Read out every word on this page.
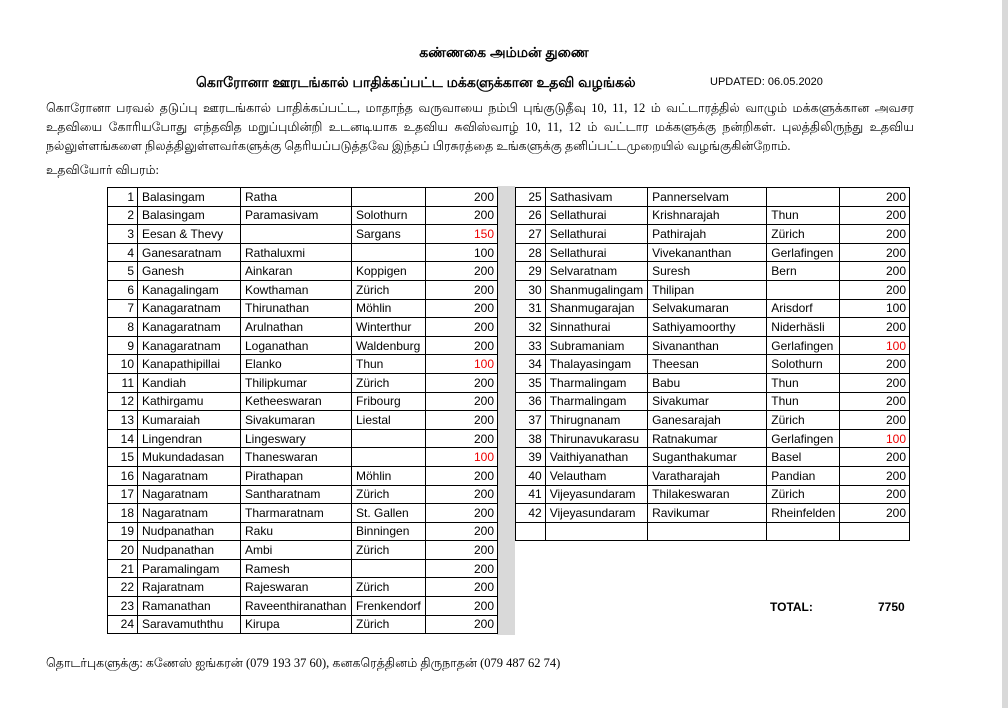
கண்ணகை அம்மன் துணை
கொரோனா ஊரடங்கால் பாதிக்கப்பட்ட மக்களுக்கான உதவி வழங்கல்	UPDATED: 06.05.2020
கொரோனா பரவல் தடுப்பு ஊரடங்கால் பாதிக்கப்பட்ட, மாதாந்த வருவாயை நம்பி புங்குடுதீவு 10, 11, 12 ம் வட்டாரத்தில் வாழும் மக்களுக்கான அவசர உதவியை கோரியபோது எந்தவித மறுப்புமின்றி உடனடியாக உதவிய சுவிஸ்வாழ் 10, 11, 12 ம் வட்டார மக்களுக்கு நன்றிகள். புலத்திலிருந்து உதவிய நல்லுள்ளங்களை நிலத்திலுள்ளவர்களுக்கு தெரியப்படுத்தவே இந்தப் பிரசுரத்தை உங்களுக்கு தனிப்பட்டமுறையில் வழங்குகின்றோம்.
உதவியோர் விபரம்:
1	Balasingam	Ratha		200
2	Balasingam	Paramasivam	Solothurn	200
3	Eesan & Thevy		Sargans	150
4	Ganesaratnam	Rathaluxmi		100
5	Ganesh	Ainkaran	Koppigen	200
6	Kanagalingam	Kowthaman	Zürich	200
7	Kanagaratnam	Thirunathan	Möhlin	200
8	Kanagaratnam	Arulnathan	Winterthur	200
9	Kanagaratnam	Loganathan	Waldenburg	200
10	Kanapathipillai	Elanko	Thun	100
11	Kandiah	Thilipkumar	Zürich	200
12	Kathirgamu	Ketheeswaran	Fribourg	200
13	Kumaraiah	Sivakumaran	Liestal	200
14	Lingendran	Lingeswary		200
15	Mukundadasan	Thaneswaran		100
16	Nagaratnam	Pirathapan	Möhlin	200
17	Nagaratnam	Santharatnam	Zürich	200
18	Nagaratnam	Tharmaratnam	St. Gallen	200
19	Nudpanathan	Raku	Binningen	200
20	Nudpanathan	Ambi	Zürich	200
21	Paramalingam	Ramesh		200
22	Rajaratnam	Rajeswaran	Zürich	200
23	Ramanathan	Raveenthiranathan	Frenkendorf	200
24	Saravamuththu	Kirupa	Zürich	200
25	Sathasivam	Pannerselvam		200
26	Sellathurai	Krishnarajah	Thun	200
27	Sellathurai	Pathirajah	Zürich	200
28	Sellathurai	Vivekananthan	Gerlafingen	200
29	Selvaratnam	Suresh	Bern	200
30	Shanmugalingam	Thilipan		200
31	Shanmugarajan	Selvakumaran	Arisdorf	100
32	Sinnathurai	Sathiyamoorthy	Niderhäsli	200
33	Subramaniam	Sivananthan	Gerlafingen	100
34	Thalayasingam	Theesan	Solothurn	200
35	Tharmalingam	Babu	Thun	200
36	Tharmalingam	Sivakumar	Thun	200
37	Thirugnanam	Ganesarajah	Zürich	200
38	Thirunavukarasu	Ratnakumar	Gerlafingen	100
39	Vaithiyanathan	Suganthakumar	Basel	200
40	Velautham	Varatharajah	Pandian	200
41	Vijeyasundaram	Thilakeswaran	Zürich	200
42	Vijeyasundaram	Ravikumar	Rheinfelden	200

TOTAL:	7750
தொடர்புகளுக்கு: கணேஸ் ஐங்கரன் (079 193 37 60), கனகரெத்தினம் திருநாதன் (079 487 62 74)
